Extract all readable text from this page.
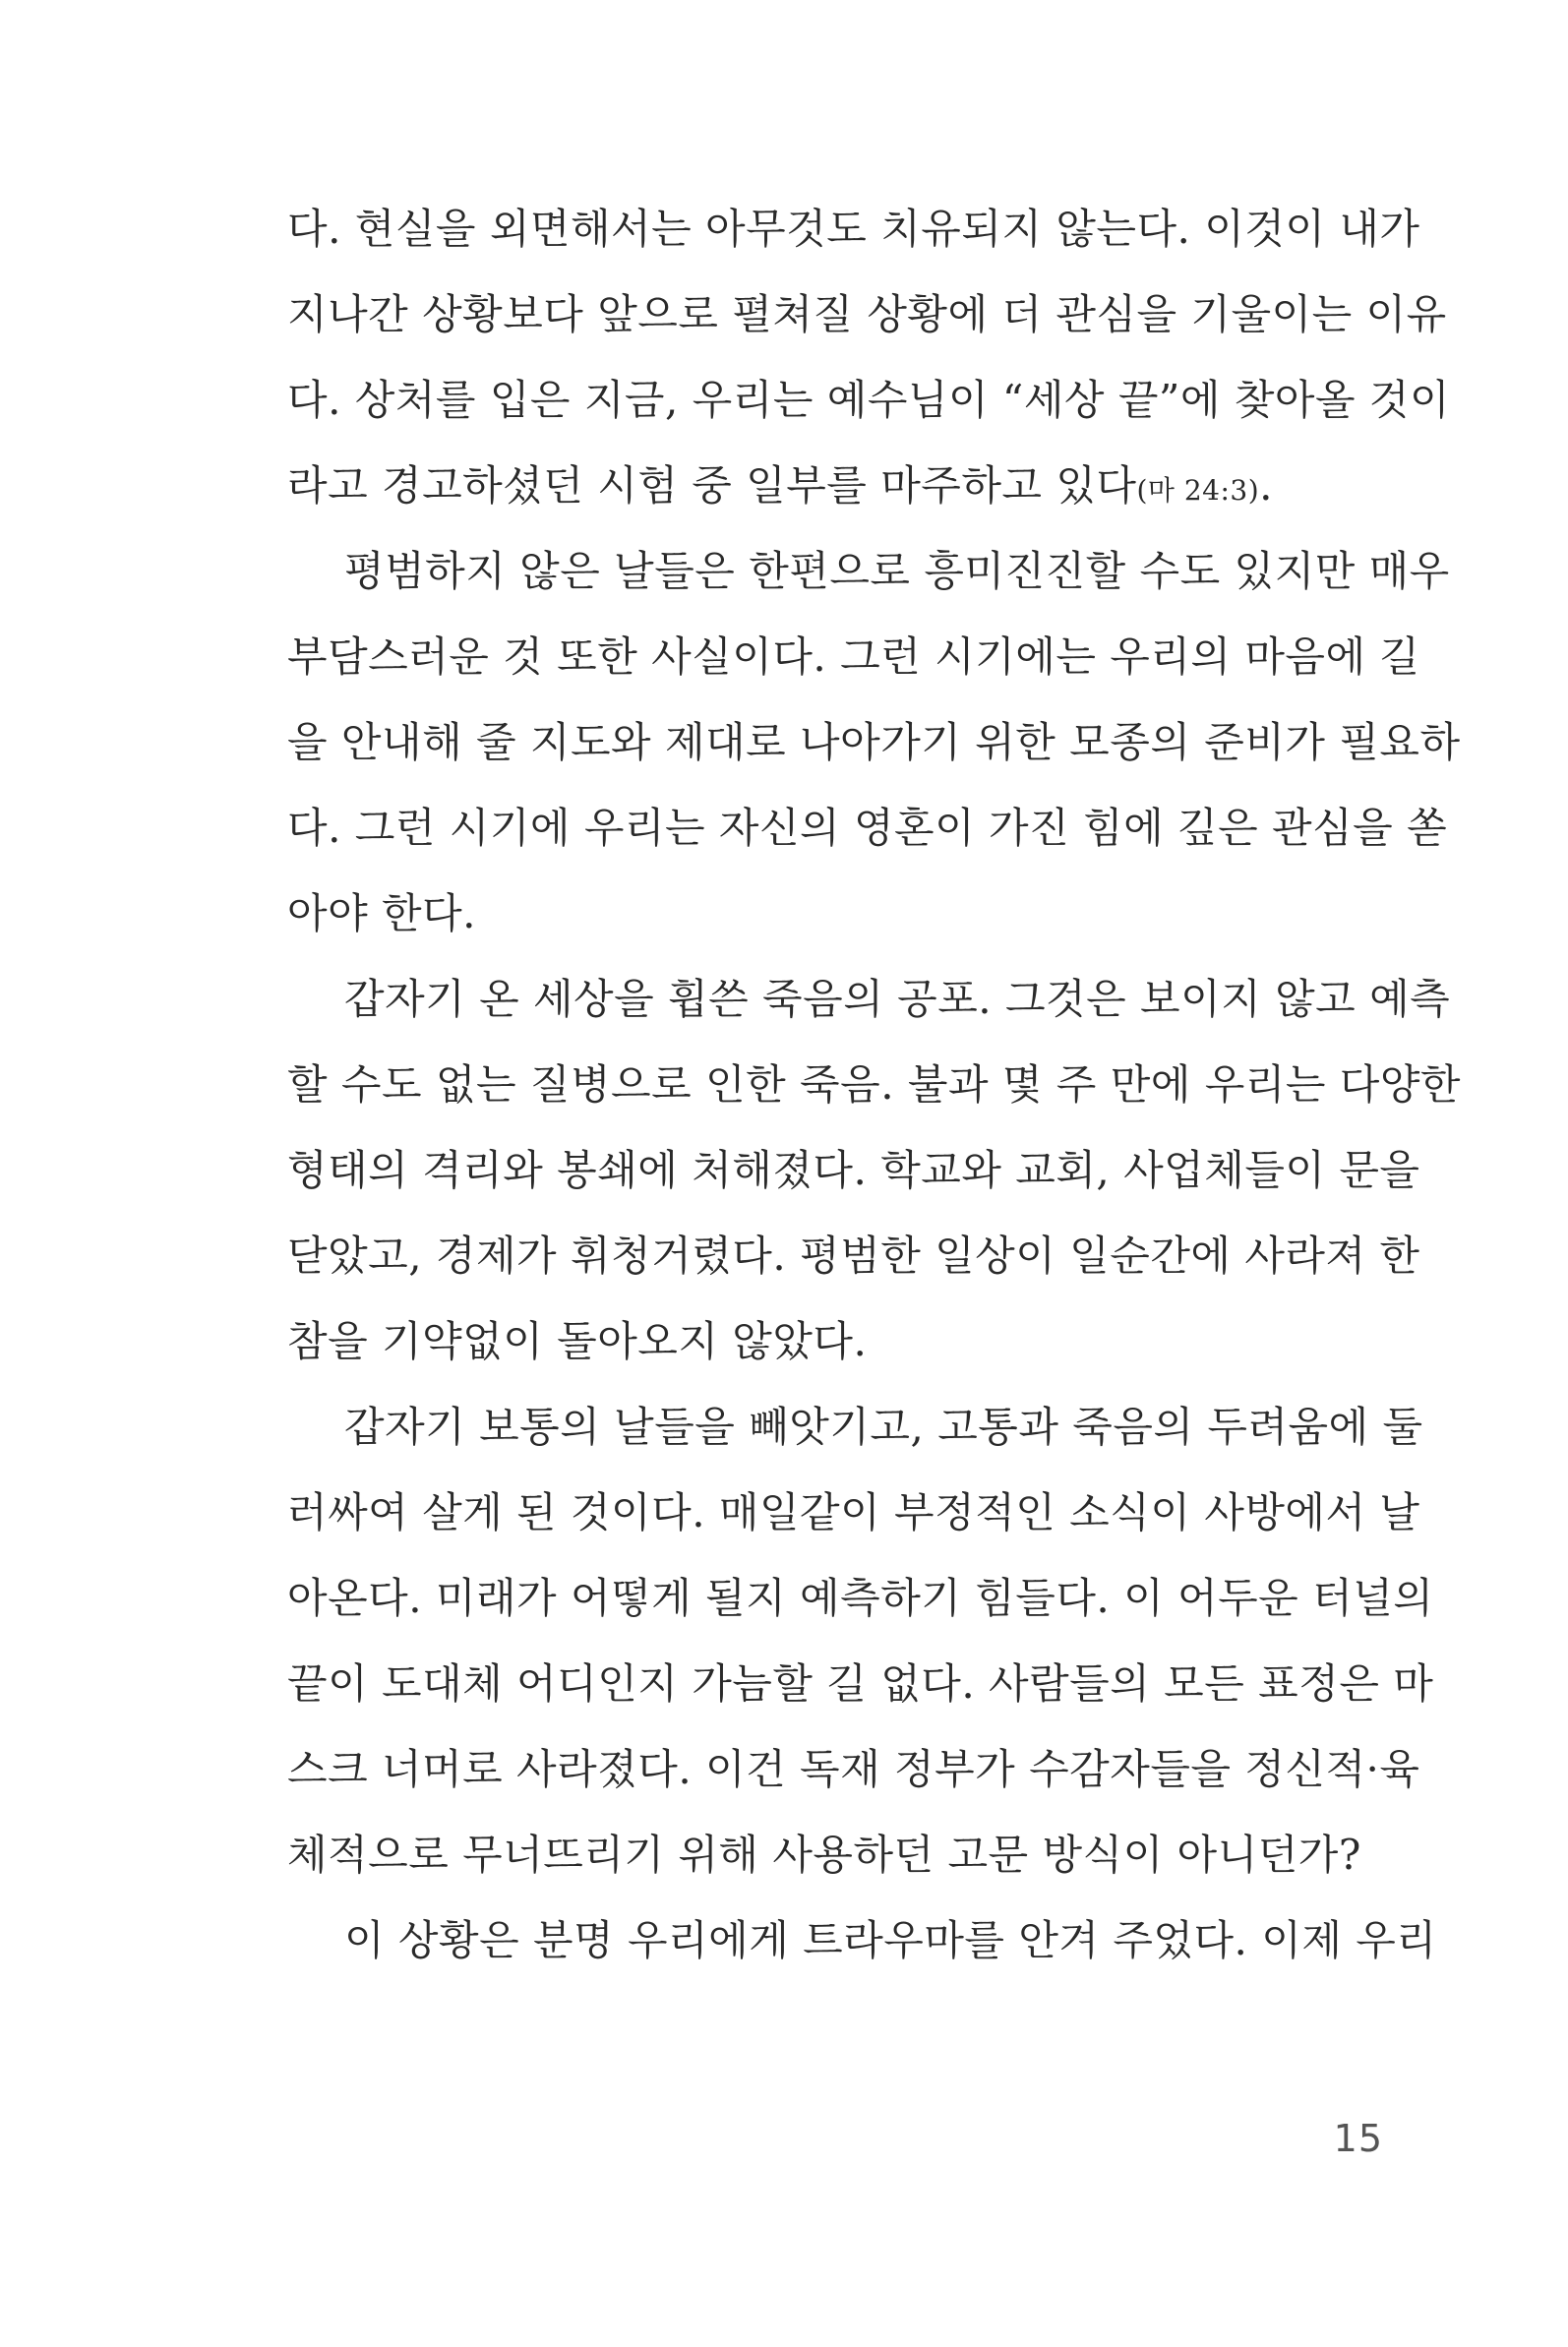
다. 현실을 외면해서는 아무것도 치유되지 않는다. 이것이 내가
지나간 상황보다 앞으로 펼쳐질 상황에 더 관심을 기울이는 이유
다. 상처를 입은 지금, 우리는 예수님이 “세상 끝”에 찾아올 것이
라고 경고하셨던 시험 중 일부를 마주하고 있다(마 24:3).
평범하지 않은 날들은 한편으로 흥미진진할 수도 있지만 매우
부담스러운 것 또한 사실이다. 그런 시기에는 우리의 마음에 길
을 안내해 줄 지도와 제대로 나아가기 위한 모종의 준비가 필요하
다. 그런 시기에 우리는 자신의 영혼이 가진 힘에 깊은 관심을 쏟
아야 한다.
갑자기 온 세상을 휩쓴 죽음의 공포. 그것은 보이지 않고 예측
할 수도 없는 질병으로 인한 죽음. 불과 몇 주 만에 우리는 다양한
형태의 격리와 봉쇄에 처해졌다. 학교와 교회, 사업체들이 문을
닫았고, 경제가 휘청거렸다. 평범한 일상이 일순간에 사라져 한
참을 기약없이 돌아오지 않았다.
갑자기 보통의 날들을 빼앗기고, 고통과 죽음의 두려움에 둘
러싸여 살게 된 것이다. 매일같이 부정적인 소식이 사방에서 날
아온다. 미래가 어떻게 될지 예측하기 힘들다. 이 어두운 터널의
끝이 도대체 어디인지 가늠할 길 없다. 사람들의 모든 표정은 마
스크 너머로 사라졌다. 이건 독재 정부가 수감자들을 정신적·육
체적으로 무너뜨리기 위해 사용하던 고문 방식이 아니던가?
이 상황은 분명 우리에게 트라우마를 안겨 주었다. 이제 우리
15
